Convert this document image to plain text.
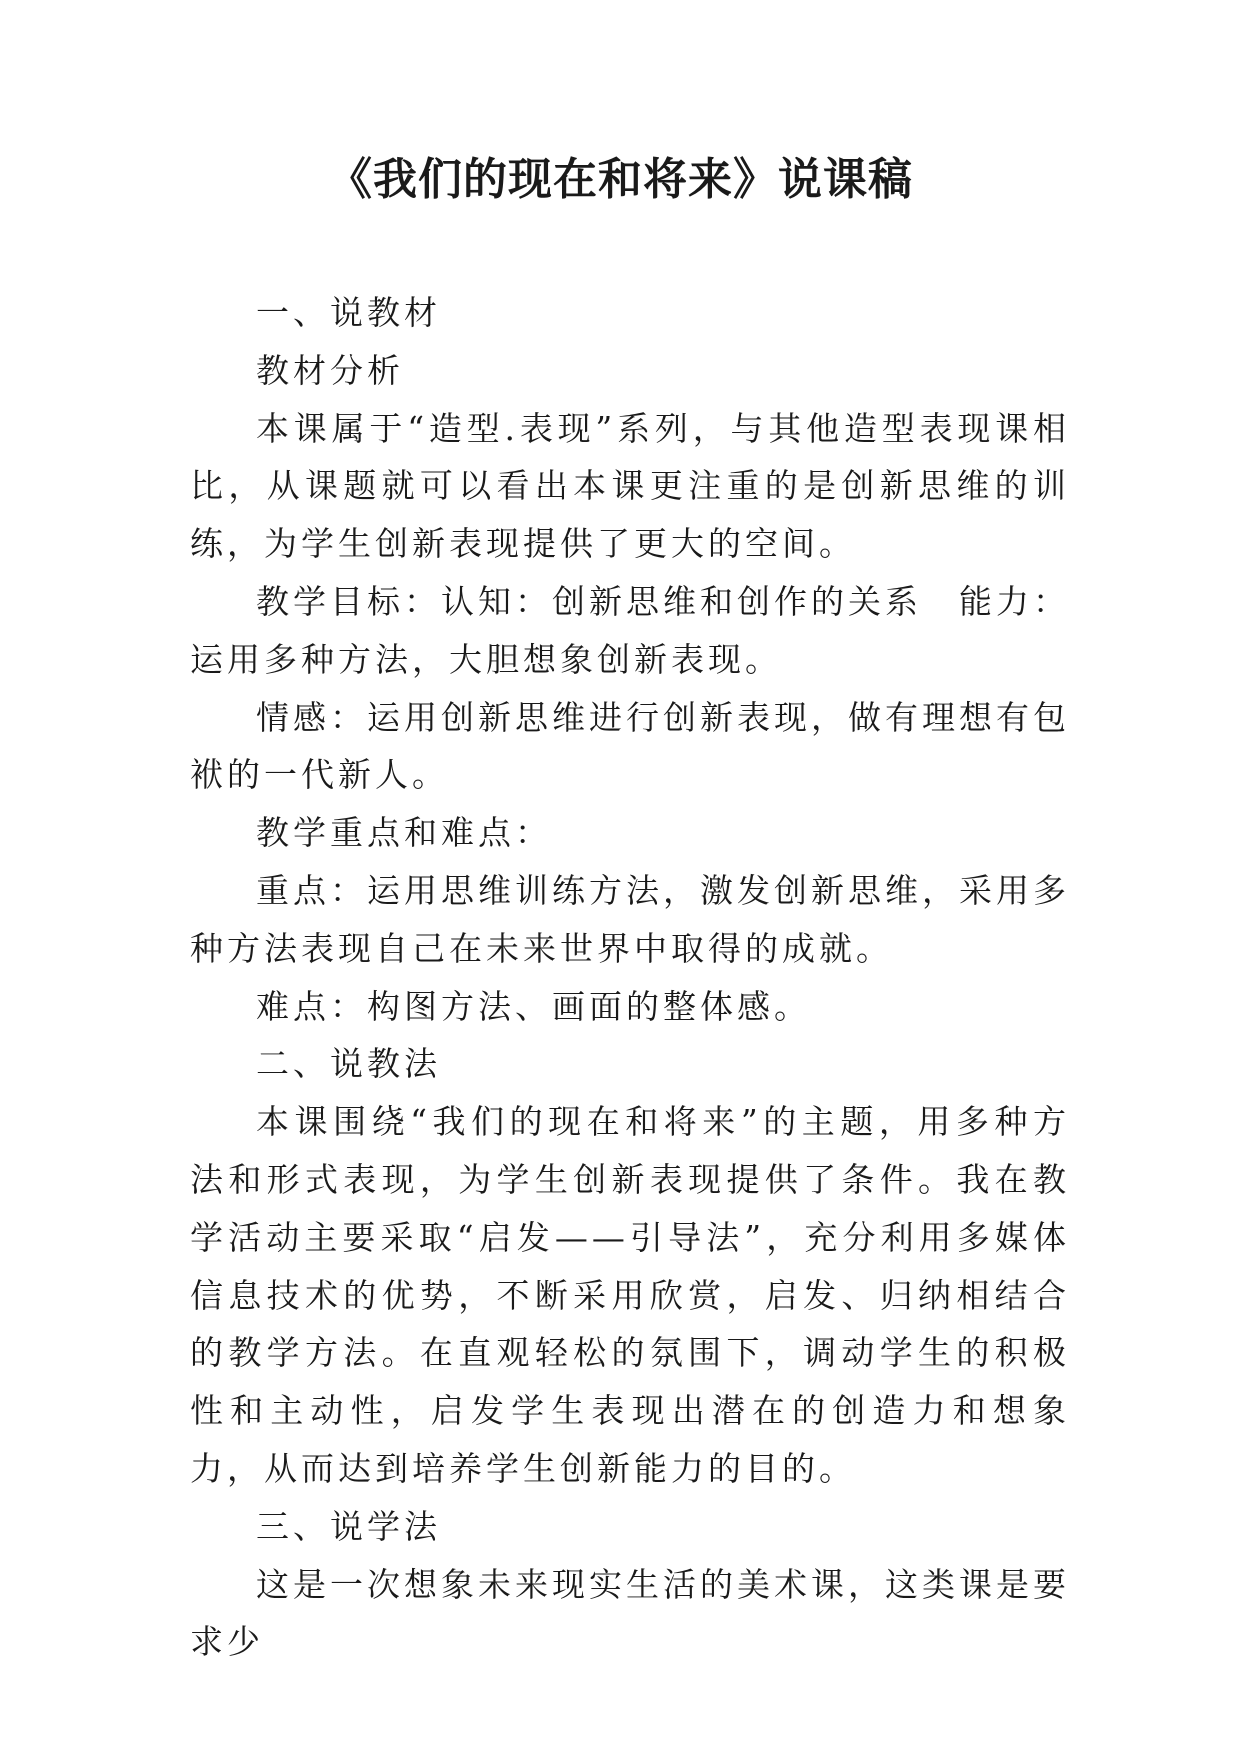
《我们的现在和将来》说课稿

一、说教材

教材分析

本课属于“造型.表现”系列，与其他造型表现课相比，从课题就可以看出本课更注重的是创新思维的训练，为学生创新表现提供了更大的空间。

教学目标：认知：创新思维和创作的关系　能力：运用多种方法，大胆想象创新表现。

情感：运用创新思维进行创新表现，做有理想有包袱的一代新人。

教学重点和难点：

重点：运用思维训练方法，激发创新思维，采用多种方法表现自己在未来世界中取得的成就。

难点：构图方法、画面的整体感。

二、说教法

本课围绕“我们的现在和将来”的主题，用多种方法和形式表现，为学生创新表现提供了条件。我在教学活动主要采取“启发——引导法”，充分利用多媒体信息技术的优势，不断采用欣赏，启发、归纳相结合的教学方法。在直观轻松的氛围下，调动学生的积极性和主动性，启发学生表现出潜在的创造力和想象力，从而达到培养学生创新能力的目的。

三、说学法

这是一次想象未来现实生活的美术课，这类课是要求少
